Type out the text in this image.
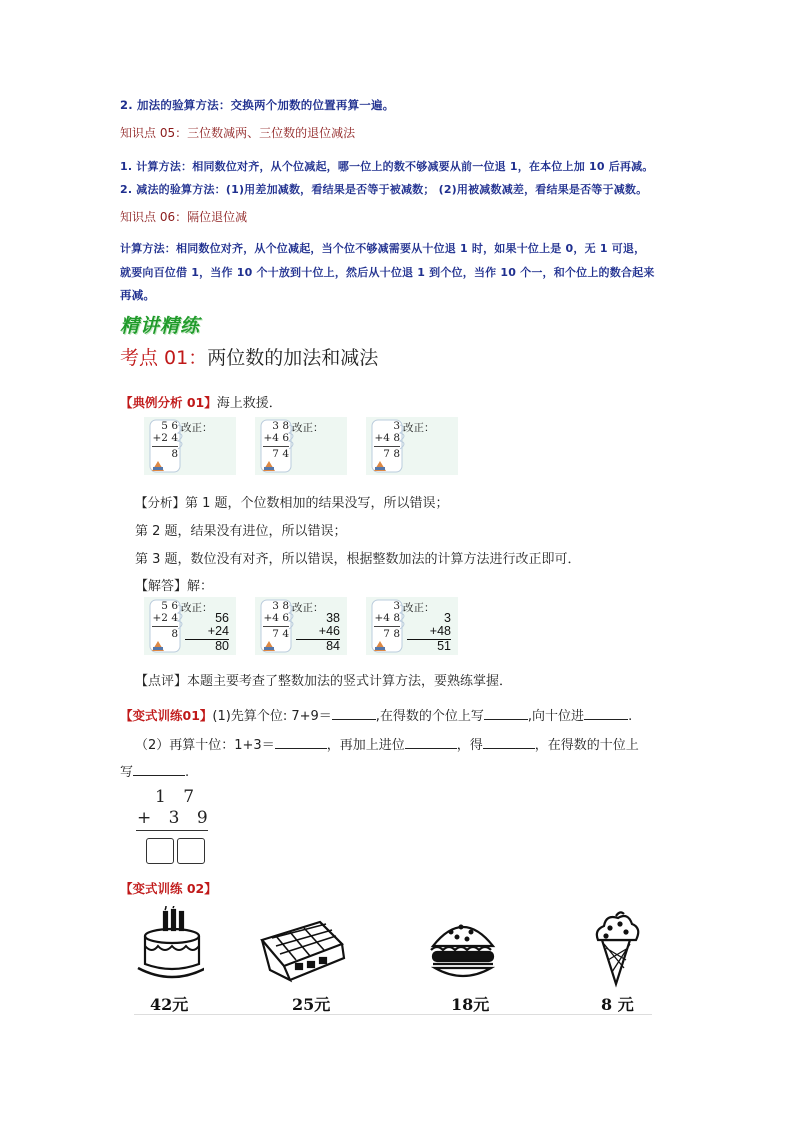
2. 加法的验算方法：交换两个加数的位置再算一遍。
知识点 05：三位数减两、三位数的退位减法
1. 计算方法：相同数位对齐，从个位减起，哪一位上的数不够减要从前一位退 1，在本位上加 10 后再减。
2. 减法的验算方法：(1)用差加减数，看结果是否等于被减数； (2)用被减数减差，看结果是否等于减数。
知识点 06：隔位退位减
计算方法：相同数位对齐，从个位减起，当个位不够减需要从十位退 1 时，如果十位上是 0，无 1 可退，
就要向百位借 1，当作 10 个十放到十位上，然后从十位退 1 到个位，当作 10 个一，和个位上的数合起来
再减。
精讲精练
考点 01：两位数的加法和减法
【典例分析 01】海上救援．
5 6
+2 4
8
改正：	3 8
+4 6
7 4
改正：	3
+4 8
7 8
改正：
【分析】第 1 题，个位数相加的结果没写，所以错误；
第 2 题，结果没有进位，所以错误；
第 3 题，数位没有对齐，所以错误，根据整数加法的计算方法进行改正即可．
【解答】解：
5 6
+2 4
8
改正：
56
+24
80
3 8
+4 6
7 4
改正：
38
+46
84
3
+4 8
7 8
改正：
3
+48
51
【点评】本题主要考查了整数加法的竖式计算方法，要熟练掌握．
【变式训练01】(1)先算个位: 7+9＝	,在得数的个位上写	,向十位进	.
（2）再算十位：1+3＝	，再加上进位	，得	，在得数的十位上
写	.
1 7
+ 3 9
【变式训练 02】
42元	25元	18元	8 元
